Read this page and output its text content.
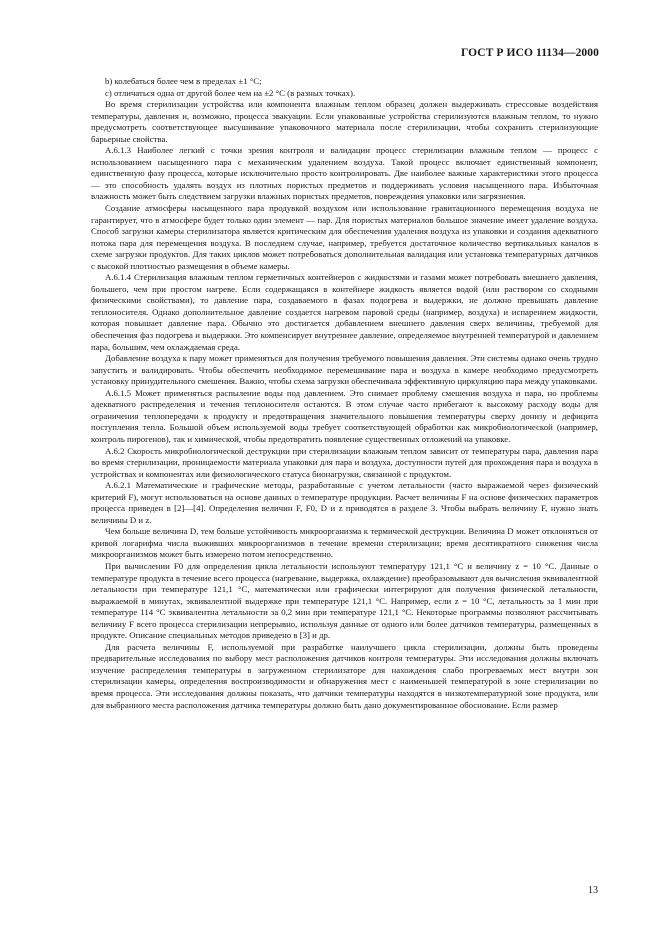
ГОСТ Р ИСО 11134—2000

b) колебаться более чем в пределах ±1 °С;

с) отличаться одна от другой более чем на ±2 °С (в разных точках).

Во время стерилизации устройства или компонента влажным теплом образец должен выдерживать стрессовые воздействия температуры, давления и, возможно, процесса эвакуации. Если упакованные устройства стерилизуются влажным теплом, то нужно предусмотреть соответствующее высушивание упаковочного материала после стерилизации, чтобы сохранить стерилизующие барьерные свойства.

А.6.1.3 Наиболее легкий с точки зрения контроля и валидации процесс стерилизации влажным теплом — процесс с использованием насыщенного пара с механическим удалением воздуха. Такой процесс включает единственный компонент, единственную фазу процесса, которые исключительно просто контролировать. Две наиболее важные характеристики этого процесса — это способность удалять воздух из плотных пористых предметов и поддерживать условия насыщенного пара. Избыточная влажность может быть следствием загрузки влажных пористых предметов, повреждения упаковки или загрязнения.

Создание атмосферы насыщенного пара продувкой воздухом или использование гравитационного перемещения воздуха не гарантирует, что в атмосфере будет только один элемент — пар. Для пористых материалов большое значение имеет удаление воздуха. Способ загрузки камеры стерилизатора является критическим для обеспечения удаления воздуха из упаковки и создания адекватного потока пара для перемещения воздуха. В последнем случае, например, требуется достаточное количество вертикальных каналов в схеме загрузки продуктов. Для таких циклов может потребоваться дополнительная валидация или установка температурных датчиков с высокой плотностью размещения в объеме камеры.

А.6.1.4 Стерилизация влажным теплом герметичных контейнеров с жидкостями и газами может потребовать внешнего давления, большего, чем при простом нагреве. Если содержащаяся в контейнере жидкость является водой (или раствором со сходными физическими свойствами), то давление пара, создаваемого в фазах подогрева и выдержки, не должно превышать давление теплоносителя. Однако дополнительное давление создается нагревом паровой среды (например, воздуха) и испарением жидкости, которая повышает давление пара. Обычно это достигается добавлением внешнего давления сверх величины, требуемой для обеспечения фаз подогрева и выдержки. Это компенсирует внутреннее давление, определяемое внутренней температурой и давлением пара, большим, чем охлаждаемая среда.

Добавление воздуха к пару может применяться для получения требуемого повышения давления. Эти системы однако очень трудно запустить и валидировать. Чтобы обеспечить необходимое перемешивание пара и воздуха в камере необходимо предусмотреть установку принудительного смешения. Важно, чтобы схема загрузки обеспечивала эффективную циркуляцию пара между упаковками.

А.6.1.5 Может применяться распыление воды под давлением. Это снимает проблему смешения воздуха и пара, но проблемы адекватного распределения и течения теплоносителя остаются. В этом случае часто прибегают к высокому расходу воды для ограничения теплопередачи к продукту и предотвращения значительного повышения температуры сверху донизу и дефицита поступления тепла. Большой объем используемой воды требует соответствующей обработки как микробиологической (например, контроль пирогенов), так и химической, чтобы предотвратить появление существенных отложений на упаковке.

А.6.2 Скорость микробиологической деструкции при стерилизации влажным теплом зависит от температуры пара, давления пара во время стерилизации, проницаемости материала упаковки для пара и воздуха, доступности путей для прохождения пара и воздуха в устройствах и компонентах или физиологического статуса бионагрузки, связанной с продуктом.

А.6.2.1 Математические и графические методы, разработанные с учетом летальности (часто выражаемой через физический критерий F), могут использоваться на основе данных о температуре продукции. Расчет величины F на основе физических параметров процесса приведен в [2]—[4]. Определения величин F, F0, D и z приводятся в разделе 3. Чтобы выбрать величину F, нужно знать величины D и z.

Чем больше величина D, тем больше устойчивость микроорганизма к термической деструкции. Величина D может отклоняться от кривой логарифма числа выживших микроорганизмов в течение времени стерилизации; время десятикратного снижения числа микроорганизмов может быть измерено потом непосредственно.

При вычислении F0 для определения цикла летальности используют температуру 121,1 °С и величину z = 10 °С. Данные о температуре продукта в течение всего процесса (нагревание, выдержка, охлаждение) преобразовывают для вычисления эквивалентной летальности при температуре 121,1 °С, математически или графически интегрируют для получения физической летальности, выражаемой в минутах, эквивалентной выдержке при температуре 121,1 °С. Например, если z = 10 °С, летальность за 1 мин при температуре 114 °С эквивалентна летальности за 0,2 мин при температуре 121,1 °С. Некоторые программы позволяют рассчитывать величину F всего процесса стерилизации непрерывно, используя данные от одного или более датчиков температуры, размещенных в продукте. Описание специальных методов приведено в [3] и др.

Для расчета величины F, используемой при разработке наилучшего цикла стерилизации, должны быть проведены предварительные исследования по выбору мест расположения датчиков контроля температуры. Эти исследования должны включать изучение распределения температуры в загруженном стерилизаторе для нахождения слабо прогреваемых мест внутри зон стерилизации камеры, определения воспроизводимости и обнаружения мест с наименьшей температурой в зоне стерилизации во время процесса. Эти исследования должны показать, что датчики температуры находятся в низкотемпературной зоне продукта, или для выбранного места расположения датчика температуры должно быть дано документированное обоснование. Если размер

13
